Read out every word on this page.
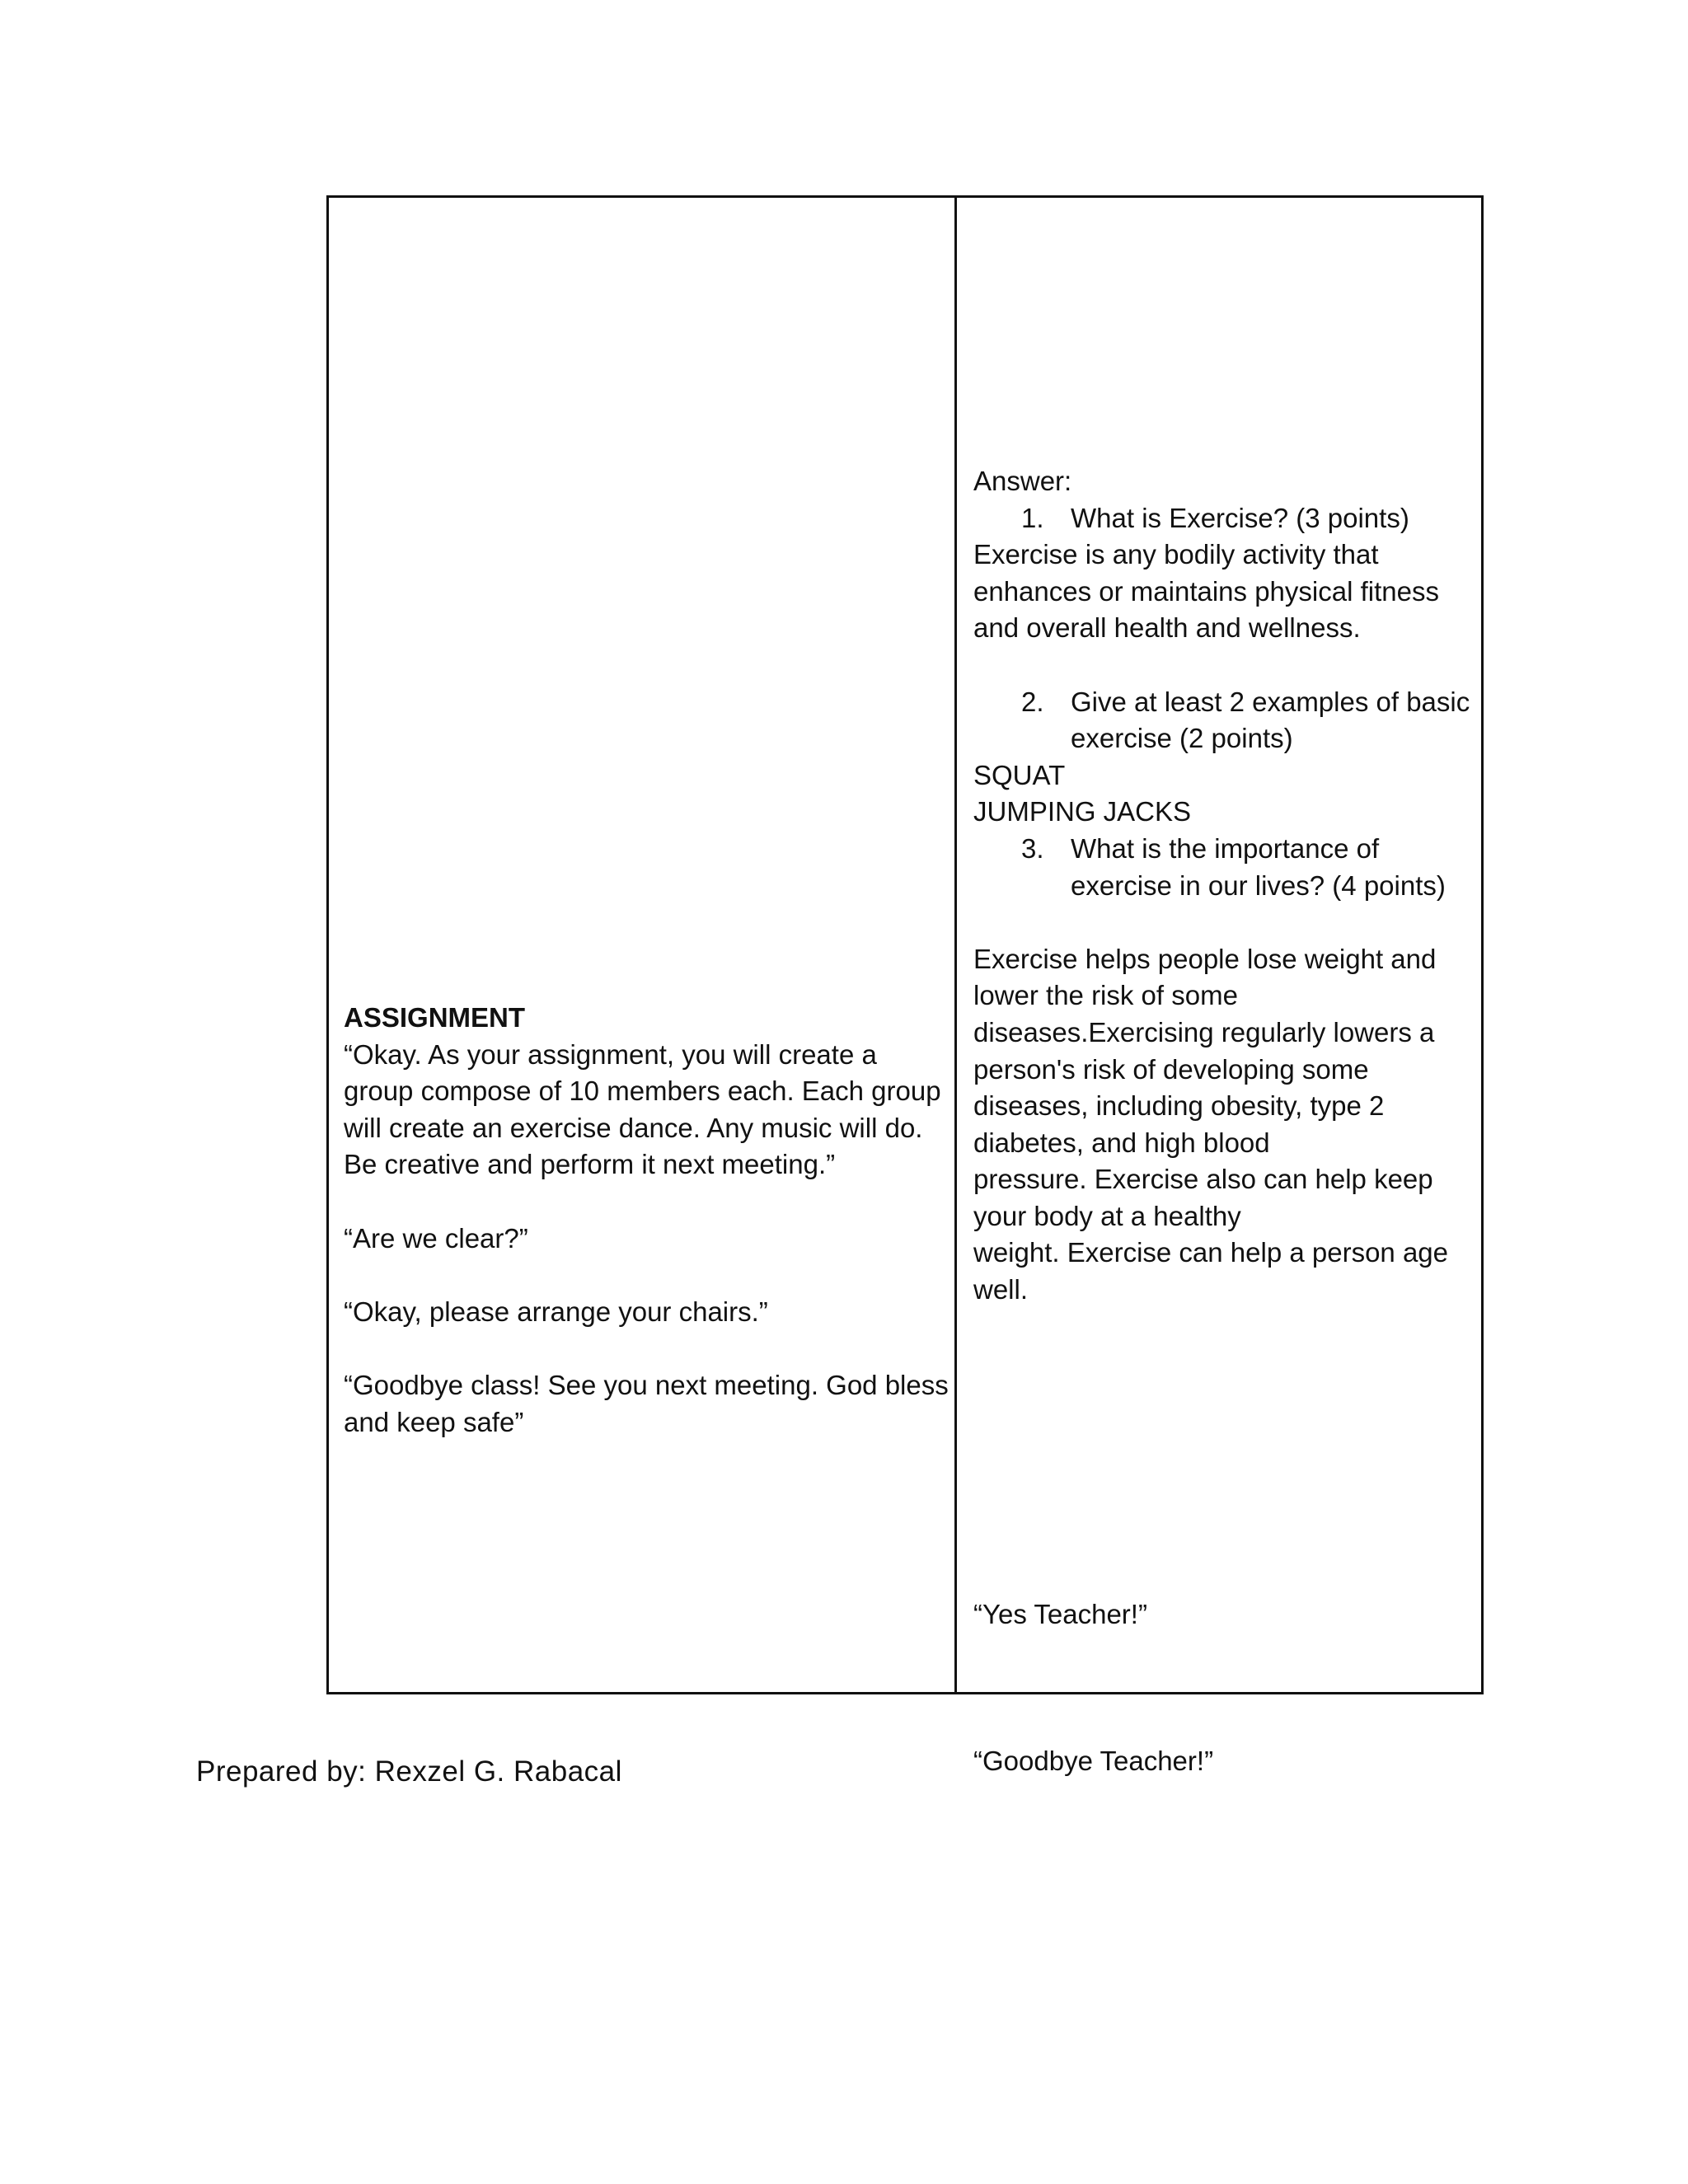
ASSIGNMENT

“Okay. As your assignment, you will create a
group compose of 10 members each. Each group
will create an exercise dance. Any music will do.
Be creative and perform it next meeting.”

“Are we clear?”

“Okay, please arrange your chairs.”

“Goodbye class! See you next meeting. God bless
and keep safe”

Answer:

1. What is Exercise? (3 points)

Exercise is any bodily activity that
enhances or maintains physical fitness
and overall health and wellness.

2. Give at least 2 examples of basic
exercise (2 points)

SQUAT

JUMPING JACKS

3. What is the importance of
exercise in our lives? (4 points)

Exercise helps people lose weight and
lower the risk of some
diseases.Exercising regularly lowers a
person's risk of developing some
diseases, including obesity, type 2
diabetes, and high blood
pressure. Exercise also can help keep
your body at a healthy
weight. Exercise can help a person age
well.

“Yes Teacher!”

“Goodbye Teacher!”

Prepared by: Rexzel G. Rabacal
